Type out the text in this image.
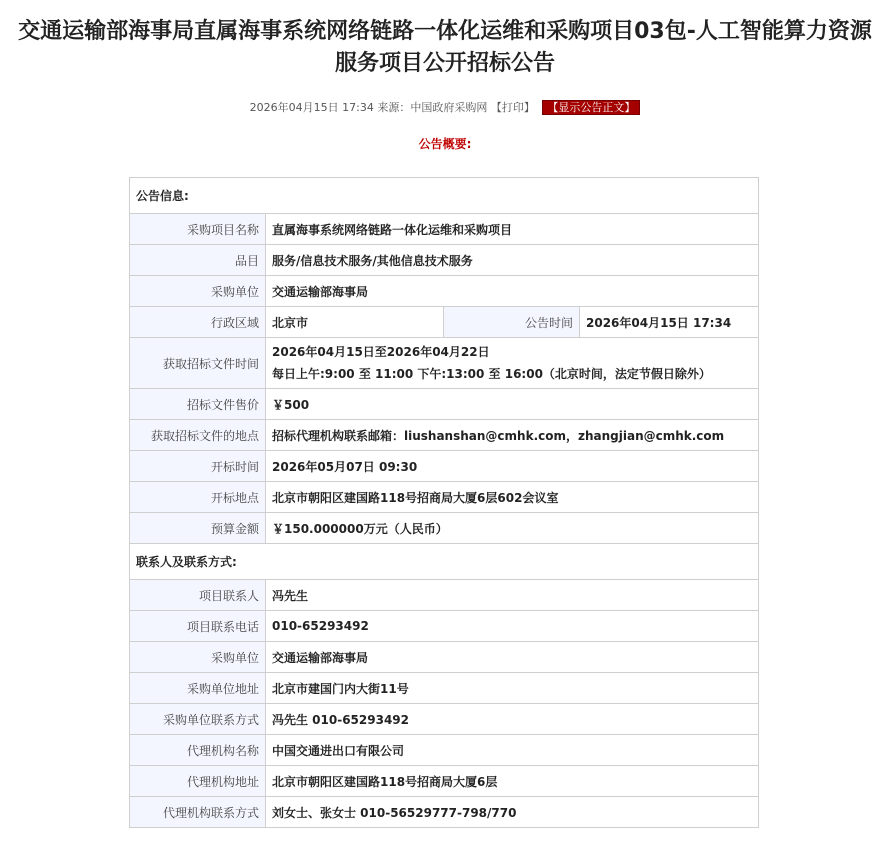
交通运输部海事局直属海事系统网络链路一体化运维和采购项目03包-人工智能算力资源服务项目公开招标公告
2026年04月15日 17:34 来源：中国政府采购网 【打印】 【显示公告正文】
公告概要:
公告信息:			
采购项目名称	直属海事系统网络链路一体化运维和采购项目		
品目	服务/信息技术服务/其他信息技术服务		
采购单位	交通运输部海事局		
行政区域	北京市	公告时间	2026年04月15日 17:34
获取招标文件时间	2026年04月15日至2026年04月22日
每日上午:9:00 至 11:00 下午:13:00 至 16:00（北京时间，法定节假日除外）		

招标文件售价	￥500		
获取招标文件的地点	招标代理机构联系邮箱：liushanshan@cmhk.com，zhangjian@cmhk.com		
开标时间	2026年05月07日 09:30		
开标地点	北京市朝阳区建国路118号招商局大厦6层602会议室		
预算金额	￥150.000000万元（人民币）		
联系人及联系方式:			
项目联系人	冯先生		
项目联系电话	010-65293492		
采购单位	交通运输部海事局		
采购单位地址	北京市建国门内大街11号		
采购单位联系方式	冯先生 010-65293492		
代理机构名称	中国交通进出口有限公司		
代理机构地址	北京市朝阳区建国路118号招商局大厦6层		
代理机构联系方式	刘女士、张女士 010-56529777-798/770		
